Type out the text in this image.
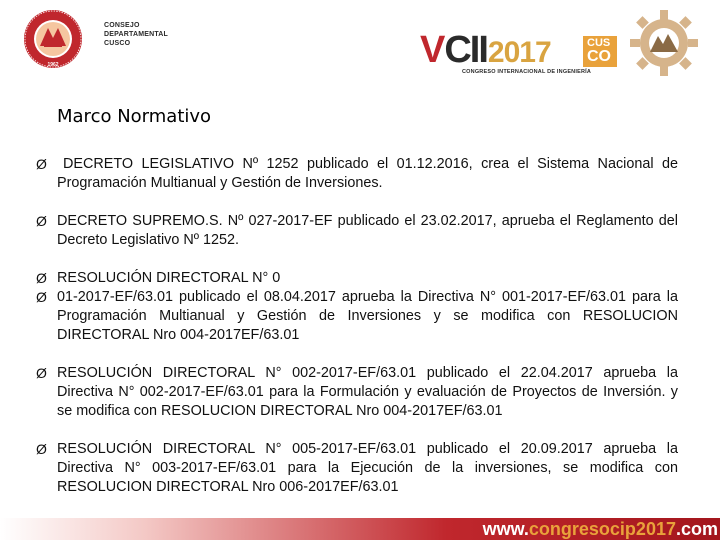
1962
CONSEJO
DEPARTAMENTAL
CUSCO	V CII 2017	CUS
CO
CONGRESO INTERNACIONAL DE INGENIERÍA
Marco Normativo
Ø DECRETO LEGISLATIVO Nº 1252 publicado el 01.12.2016, crea el Sistema Nacional de Programación Multianual y Gestión de Inversiones.
Ø DECRETO SUPREMO.S. Nº 027-2017-EF publicado el 23.02.2017, aprueba el Reglamento del Decreto Legislativo Nº 1252.
Ø RESOLUCIÓN DIRECTORAL N° 0
Ø 01-2017-EF/63.01 publicado el 08.04.2017 aprueba la Directiva N° 001-2017-EF/63.01 para la Programación Multianual y Gestión de Inversiones y se modifica con RESOLUCION DIRECTORAL Nro 004-2017EF/63.01
Ø RESOLUCIÓN DIRECTORAL N° 002-2017-EF/63.01 publicado el 22.04.2017 aprueba la Directiva N° 002-2017-EF/63.01 para la Formulación y evaluación de Proyectos de Inversión. y se modifica con RESOLUCION DIRECTORAL Nro 004-2017EF/63.01
Ø RESOLUCIÓN DIRECTORAL N° 005-2017-EF/63.01 publicado el 20.09.2017 aprueba la Directiva N° 003-2017-EF/63.01 para la Ejecución de la inversiones, se modifica con RESOLUCION DIRECTORAL Nro 006-2017EF/63.01
www.congresocip2017.com
